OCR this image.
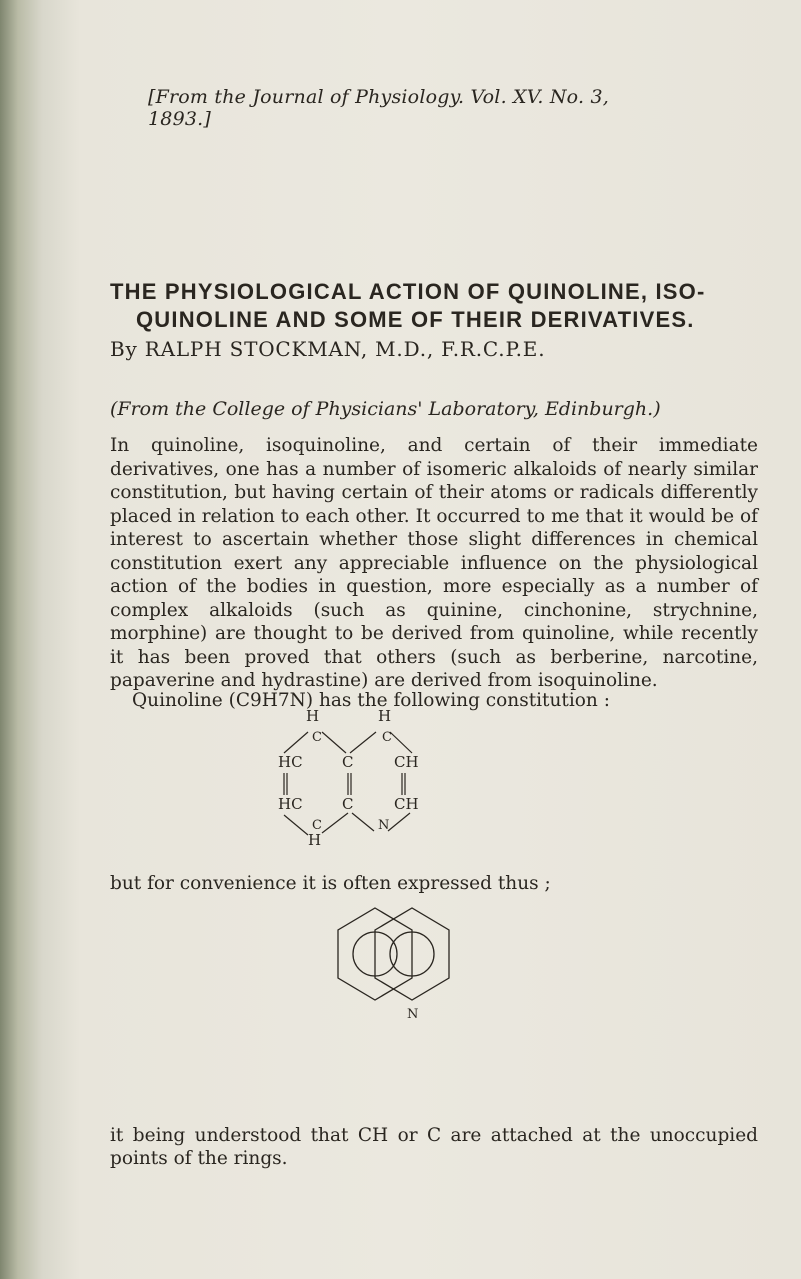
[From the Journal of Physiology. Vol. XV. No. 3, 1893.]
THE PHYSIOLOGICAL ACTION OF QUINOLINE, ISO-
QUINOLINE AND SOME OF THEIR DERIVATIVES.
By RALPH STOCKMAN, M.D., F.R.C.P.E.
(From the College of Physicians' Laboratory, Edinburgh.)
In quinoline, isoquinoline, and certain of their immediate derivatives, one has a number of isomeric alkaloids of nearly similar constitution, but having certain of their atoms or radicals differently placed in relation to each other. It occurred to me that it would be of interest to ascertain whether those slight differences in chemical constitution exert any appreciable influence on the physiological action of the bodies in question, more especially as a number of complex alkaloids (such as quinine, cinchonine, strychnine, morphine) are thought to be derived from quinoline, while recently it has been proved that others (such as berberine, narcotine, papaverine and hydrastine) are derived from isoquinoline.
Quinoline (C9H7N) has the following constitution :
H	H
C	C
HC	C	CH
HC	C	CH
C	N
H
but for convenience it is often expressed thus ;
N
it being understood that CH or C are attached at the unoccupied points of the rings.
